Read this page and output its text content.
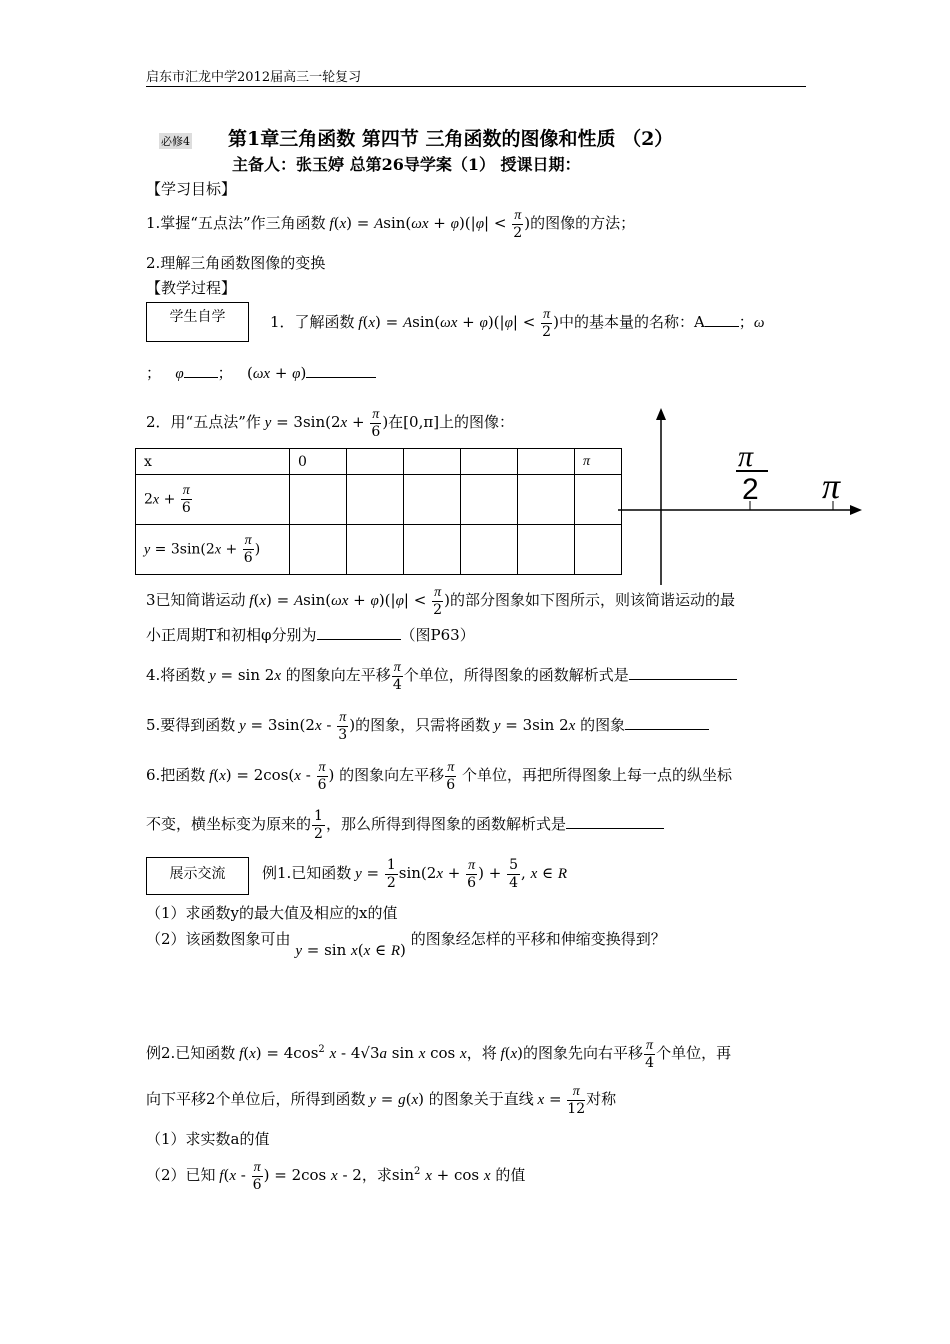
启东市汇龙中学2012届高三一轮复习
必修4 第1章三角函数 第四节 三角函数的图像和性质 （2）
主备人：张玉婷 总第26导学案（1） 授课日期：
【学习目标】
1.掌握“五点法”作三角函数 $f(x) = Asin(\omega x + \varphi)(|\varphi| < \frac{\pi}{2}$ )的图像的方法；
2.理解三角函数图像的变换
【教学过程】
学生自学	1．了解函数 $f(x) = Asin(\omega x + \varphi)(|\varphi| < \frac{\pi}{2}$ )中的基本量的名称：A ；ω
； φ ；   (ωx + φ)
2．用“五点法”作 $y = 3\sin(2x + \frac{\pi}{6}$ )在[0,π]上的图像：
x	0					π
$2x + \frac{\pi}{6}$

$y = 3\sin(2x + \frac{\pi}{6}$ )						
π
2 π
3已知简谐运动 $f(x) = Asin(\omega x + \varphi)(|\varphi| < \frac{\pi}{2}$ )的部分图象如下图所示，则该简谐运动的最
小正周期T和初相φ分别为	（图P63）
4.将函数 y = sin 2x 的图象向左平移 $\frac{\pi}{4}$ 个单位，所得图象的函数解析式是
5.要得到函数 $y = 3\sin(2x - \frac{\pi}{3}$ )的图象，只需将函数 y = 3sin 2x 的图象
6.把函数 $f(x) = 2\cos(x - \frac{\pi}{6}$ ) 的图象向左平移 $\frac{\pi}{6}$ 个单位，再把所得图象上每一点的纵坐标
不变，横坐标变为原来的 $\frac{1}{2}$ ，那么所得到得图象的函数解析式是
展示交流	例1.已知函数 $y = \frac{1}{2} \sin(2x + \frac{\pi}{6}$ ) + $\frac{5}{4}$ , x ∈ R
（1）求函数y的最大值及相应的x的值
（2）该函数图象可由 y = sin x(x ∈ R) 的图象经怎样的平移和伸缩变换得到？
例2.已知函数 $f(x) = 4\cos^2$ x - 4√3a sin x cos x，将 f(x)的图象先向右平移 $\frac{\pi}{4}$ 个单位，再
向下平移2个单位后，所得到函数 y = g(x) 的图象关于直线 $x = \frac{\pi}{12}$ 对称
（1）求实数a的值
（2）已知 $f(x - \frac{\pi}{6}$ ) = 2cos x - 2，求$\sin^2 x + \cos x$ 的值
